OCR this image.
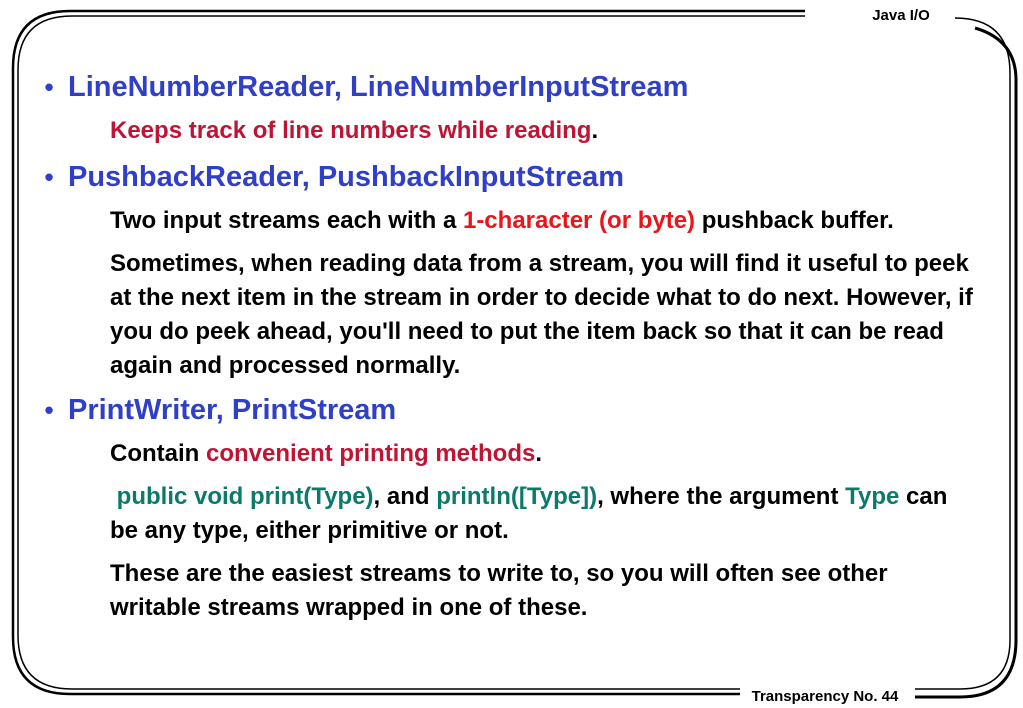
Java I/O
Transparency No. 44
• LineNumberReader, LineNumberInputStream
Keeps track of line numbers while reading.
• PushbackReader, PushbackInputStream
Two input streams each with a 1-character (or byte) pushback buffer.
Sometimes, when reading data from a stream, you will find it useful to peek at the next item in the stream in order to decide what to do next. However, if you do peek ahead, you'll need to put the item back so that it can be read again and processed normally.
• PrintWriter, PrintStream
Contain convenient printing methods.
public void print(Type), and println([Type]), where the argument Type can be any type, either primitive or not.
These are the easiest streams to write to, so you will often see other writable streams wrapped in one of these.
